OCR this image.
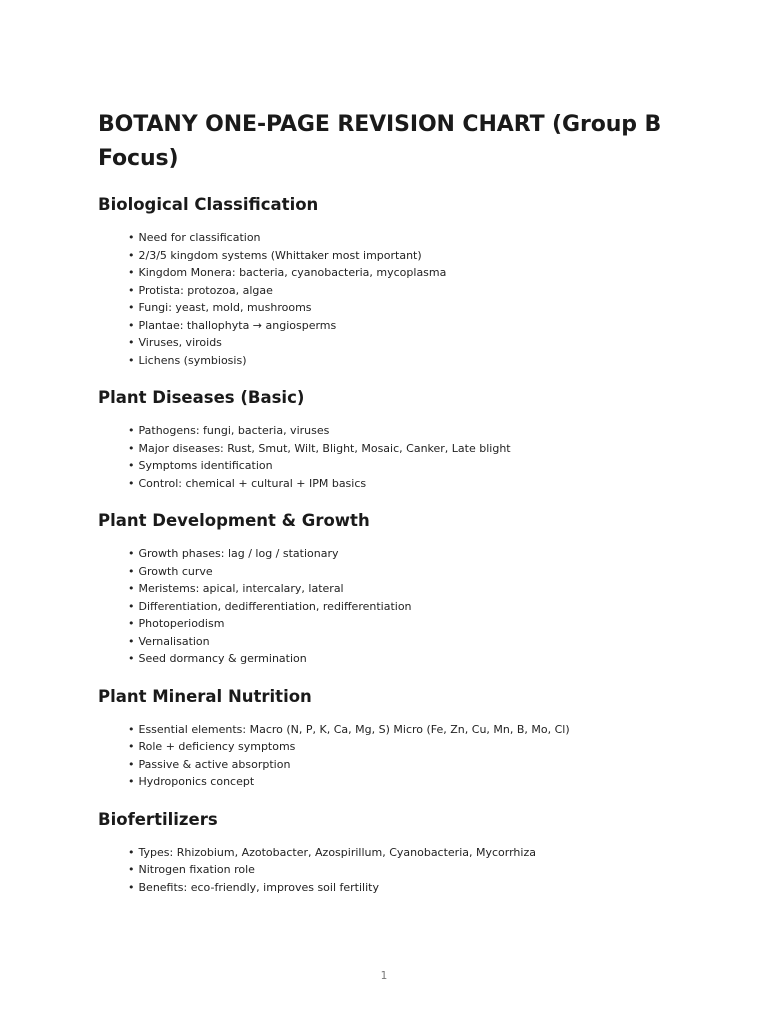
BOTANY ONE-PAGE REVISION CHART (Group B Focus)
Biological Classification
• Need for classification
• 2/3/5 kingdom systems (Whittaker most important)
• Kingdom Monera: bacteria, cyanobacteria, mycoplasma
• Protista: protozoa, algae
• Fungi: yeast, mold, mushrooms
• Plantae: thallophyta → angiosperms
• Viruses, viroids
• Lichens (symbiosis)
Plant Diseases (Basic)
• Pathogens: fungi, bacteria, viruses
• Major diseases: Rust, Smut, Wilt, Blight, Mosaic, Canker, Late blight
• Symptoms identification
• Control: chemical + cultural + IPM basics
Plant Development & Growth
• Growth phases: lag / log / stationary
• Growth curve
• Meristems: apical, intercalary, lateral
• Differentiation, dedifferentiation, redifferentiation
• Photoperiodism
• Vernalisation
• Seed dormancy & germination
Plant Mineral Nutrition
• Essential elements: Macro (N, P, K, Ca, Mg, S) Micro (Fe, Zn, Cu, Mn, B, Mo, Cl)
• Role + deficiency symptoms
• Passive & active absorption
• Hydroponics concept
Biofertilizers
• Types: Rhizobium, Azotobacter, Azospirillum, Cyanobacteria, Mycorrhiza
• Nitrogen fixation role
• Benefits: eco-friendly, improves soil fertility
1
